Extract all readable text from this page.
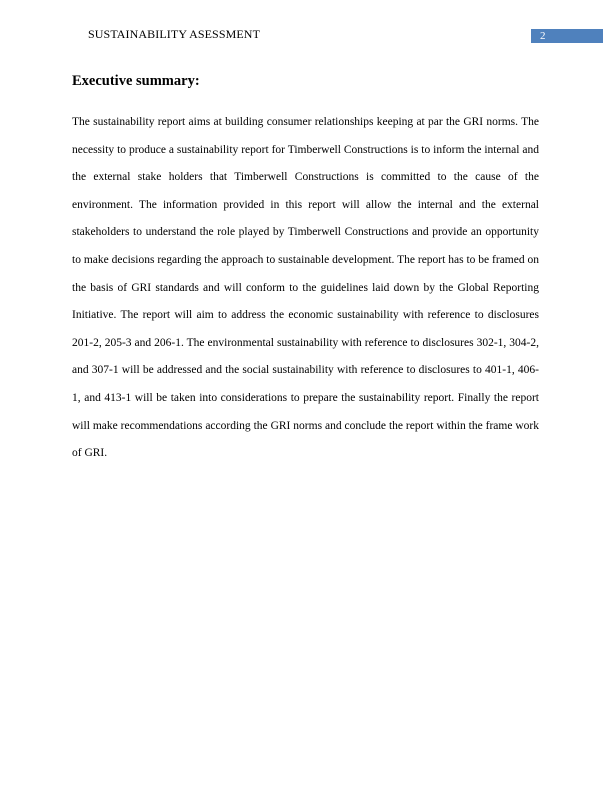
SUSTAINABILITY ASESSMENT	2
Executive summary:

The sustainability report aims at building consumer relationships keeping at par the GRI norms. The necessity to produce a sustainability report for Timberwell Constructions is to inform the internal and the external stake holders that Timberwell Constructions is committed to the cause of the environment. The information provided in this report will allow the internal and the external stakeholders to understand the role played by Timberwell Constructions and provide an opportunity to make decisions regarding the approach to sustainable development. The report has to be framed on the basis of GRI standards and will conform to the guidelines laid down by the Global Reporting Initiative. The report will aim to address the economic sustainability with reference to disclosures 201-2, 205-3 and 206-1. The environmental sustainability with reference to disclosures 302-1, 304-2, and 307-1 will be addressed and the social sustainability with reference to disclosures to 401-1, 406-1, and 413-1 will be taken into considerations to prepare the sustainability report. Finally the report will make recommendations according the GRI norms and conclude the report within the frame work of GRI.
